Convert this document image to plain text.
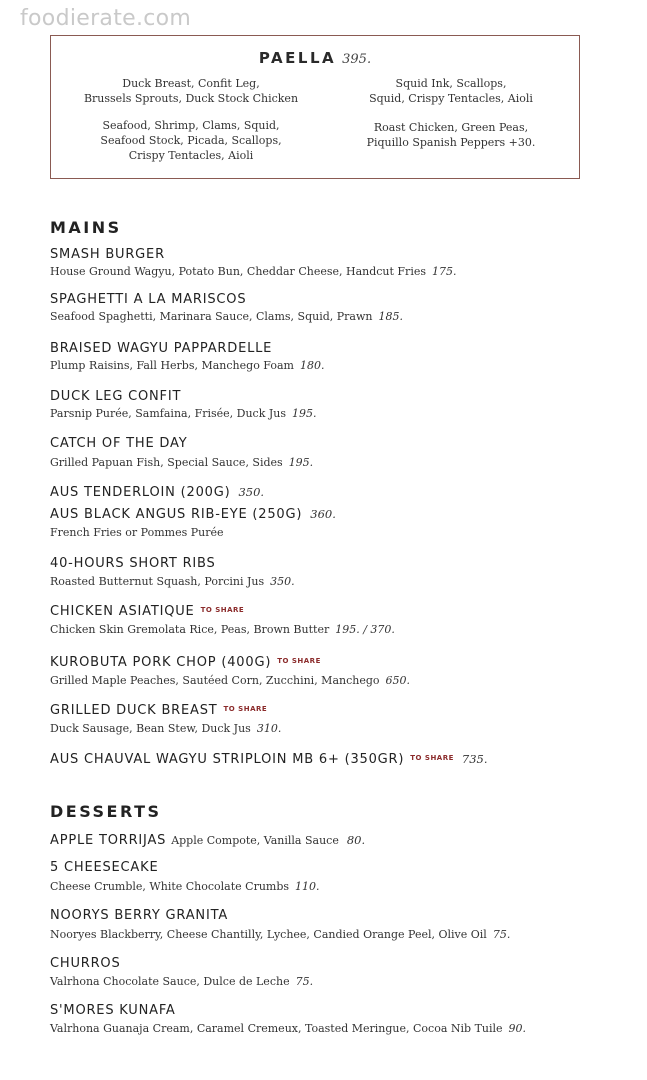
foodierate.com
PAELLA 395.
Duck Breast, Confit Leg,
Brussels Sprouts, Duck Stock Chicken
Squid Ink, Scallops,
Squid, Crispy Tentacles, Aioli
Seafood, Shrimp, Clams, Squid,
Seafood Stock, Picada, Scallops,
Crispy Tentacles, Aioli
Roast Chicken, Green Peas,
Piquillo Spanish Peppers +30.
MAINS
SMASH BURGER
House Ground Wagyu, Potato Bun, Cheddar Cheese, Handcut Fries 175.
SPAGHETTI A LA MARISCOS
Seafood Spaghetti, Marinara Sauce, Clams, Squid, Prawn 185.
BRAISED WAGYU PAPPARDELLE
Plump Raisins, Fall Herbs, Manchego Foam 180.
DUCK LEG CONFIT
Parsnip Purée, Samfaina, Frisée, Duck Jus 195.
CATCH OF THE DAY
Grilled Papuan Fish, Special Sauce, Sides 195.
AUS TENDERLOIN (200G) 350.
AUS BLACK ANGUS RIB-EYE (250G) 360.
French Fries or Pommes Purée
40-HOURS SHORT RIBS
Roasted Butternut Squash, Porcini Jus 350.
CHICKEN ASIATIQUE $^{TO SHARE}$
Chicken Skin Gremolata Rice, Peas, Brown Butter 195. / 370.
KUROBUTA PORK CHOP (400G) $^{TO SHARE}$
Grilled Maple Peaches, Sautéed Corn, Zucchini, Manchego 650.
GRILLED DUCK BREAST $^{TO SHARE}$
Duck Sausage, Bean Stew, Duck Jus 310.
AUS CHAUVAL WAGYU STRIPLOIN MB 6+ (350GR) $^{TO SHARE}$ 735.
DESSERTS
APPLE TORRIJAS Apple Compote, Vanilla Sauce 80.
5 CHEESECAKE
Cheese Crumble, White Chocolate Crumbs 110.
NOORYS BERRY GRANITA
Nooryes Blackberry, Cheese Chantilly, Lychee, Candied Orange Peel, Olive Oil 75.
CHURROS
Valrhona Chocolate Sauce, Dulce de Leche 75.
S'MORES KUNAFA
Valrhona Guanaja Cream, Caramel Cremeux, Toasted Meringue, Cocoa Nib Tuile 90.
